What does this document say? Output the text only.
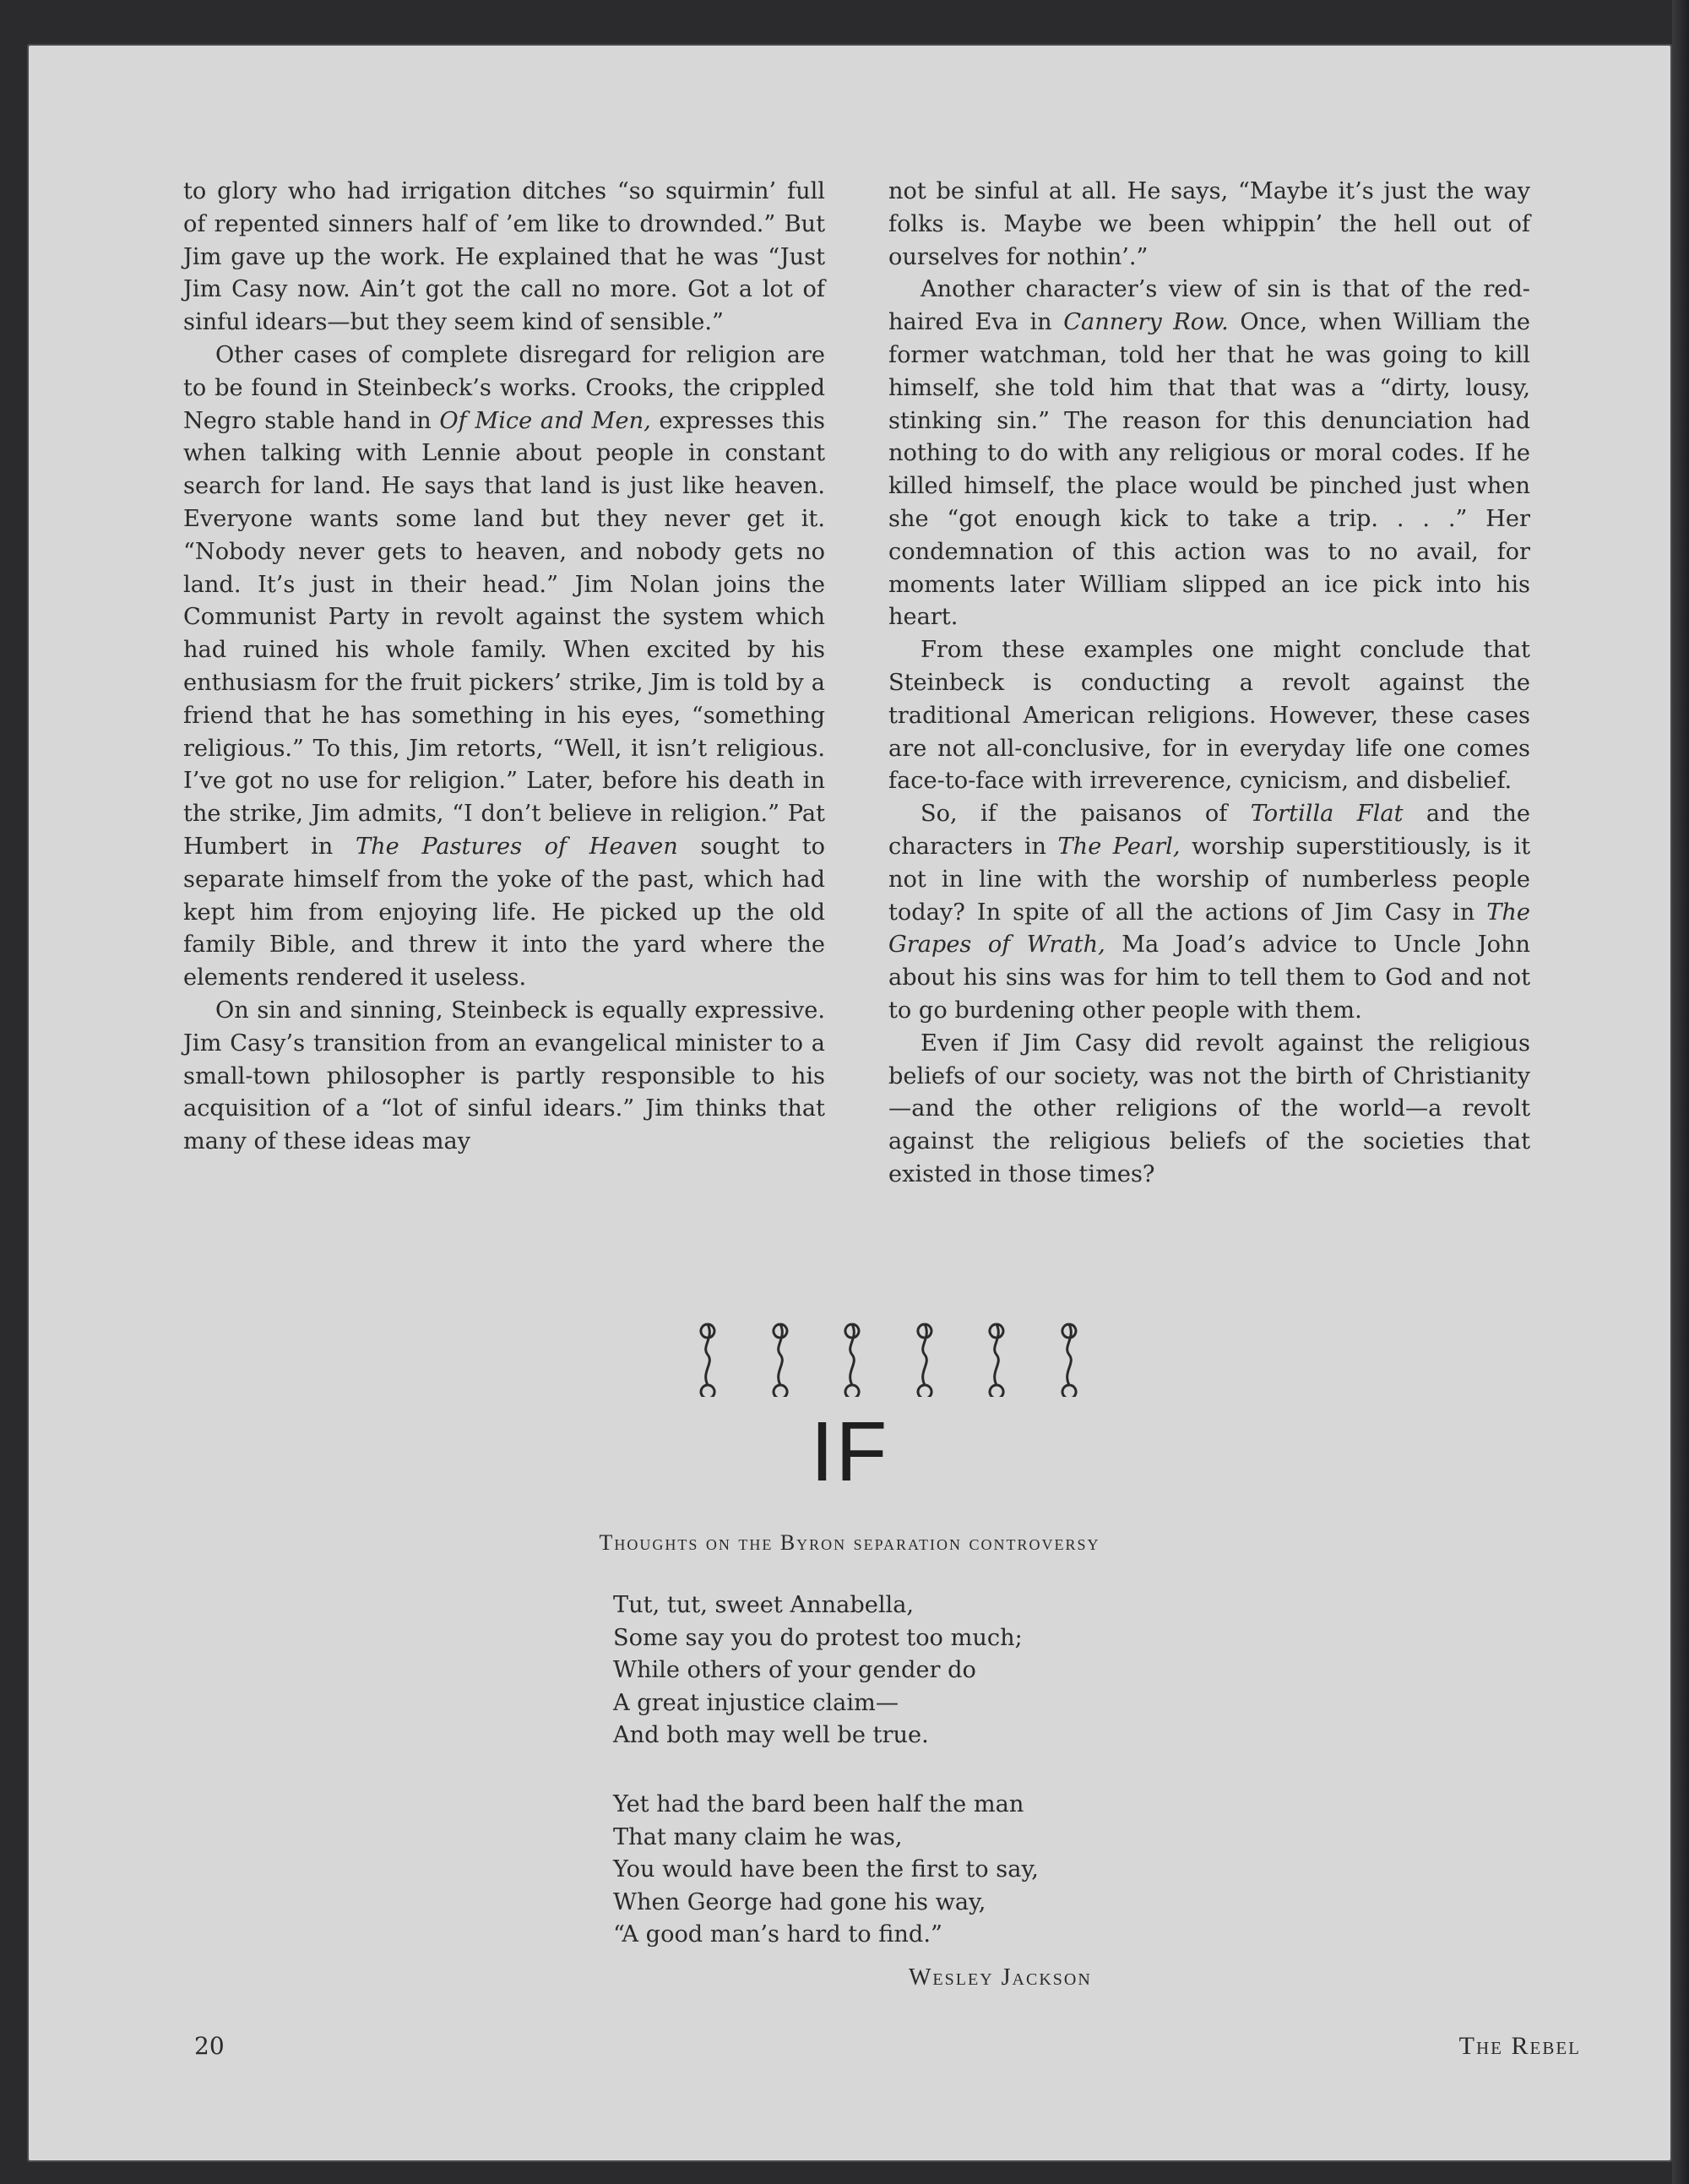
to glory who had irrigation ditches “so squirmin’ full of repented sinners half of ’em like to drownded.” But Jim gave up the work. He explained that he was “Just Jim Casy now. Ain’t got the call no more. Got a lot of sinful idears—but they seem kind of sensible.”

Other cases of complete disregard for religion are to be found in Steinbeck’s works. Crooks, the crippled Negro stable hand in Of Mice and Men, expresses this when talking with Lennie about people in constant search for land. He says that land is just like heaven. Everyone wants some land but they never get it. “Nobody never gets to heaven, and nobody gets no land. It’s just in their head.” Jim Nolan joins the Communist Party in revolt against the system which had ruined his whole family. When excited by his enthusiasm for the fruit pickers’ strike, Jim is told by a friend that he has something in his eyes, “something religious.” To this, Jim retorts, “Well, it isn’t religious. I’ve got no use for religion.” Later, before his death in the strike, Jim admits, “I don’t believe in religion.” Pat Humbert in The Pastures of Heaven sought to separate himself from the yoke of the past, which had kept him from enjoying life. He picked up the old family Bible, and threw it into the yard where the elements rendered it useless.

On sin and sinning, Steinbeck is equally expressive. Jim Casy’s transition from an evangelical minister to a small-town philosopher is partly responsible to his acquisition of a “lot of sinful idears.” Jim thinks that many of these ideas may

not be sinful at all. He says, “Maybe it’s just the way folks is. Maybe we been whippin’ the hell out of ourselves for nothin’.”

Another character’s view of sin is that of the red-haired Eva in Cannery Row. Once, when William the former watchman, told her that he was going to kill himself, she told him that that was a “dirty, lousy, stinking sin.” The reason for this denunciation had nothing to do with any religious or moral codes. If he killed himself, the place would be pinched just when she “got enough kick to take a trip. . . .” Her condemnation of this action was to no avail, for moments later William slipped an ice pick into his heart.

From these examples one might conclude that Steinbeck is conducting a revolt against the traditional American religions. However, these cases are not all-conclusive, for in everyday life one comes face-to-face with irreverence, cynicism, and disbelief.

So, if the paisanos of Tortilla Flat and the characters in The Pearl, worship superstitiously, is it not in line with the worship of numberless people today? In spite of all the actions of Jim Casy in The Grapes of Wrath, Ma Joad’s advice to Uncle John about his sins was for him to tell them to God and not to go burdening other people with them.

Even if Jim Casy did revolt against the religious beliefs of our society, was not the birth of Christianity—and the other religions of the world—a revolt against the religious beliefs of the societies that existed in those times?

IF
Thoughts on the Byron separation controversy
Tut, tut, sweet Annabella,
Some say you do protest too much;
While others of your gender do
A great injustice claim—
And both may well be true.
Yet had the bard been half the man
That many claim he was,
You would have been the first to say,
When George had gone his way,
“A good man’s hard to find.”
Wesley Jackson
20	The Rebel
